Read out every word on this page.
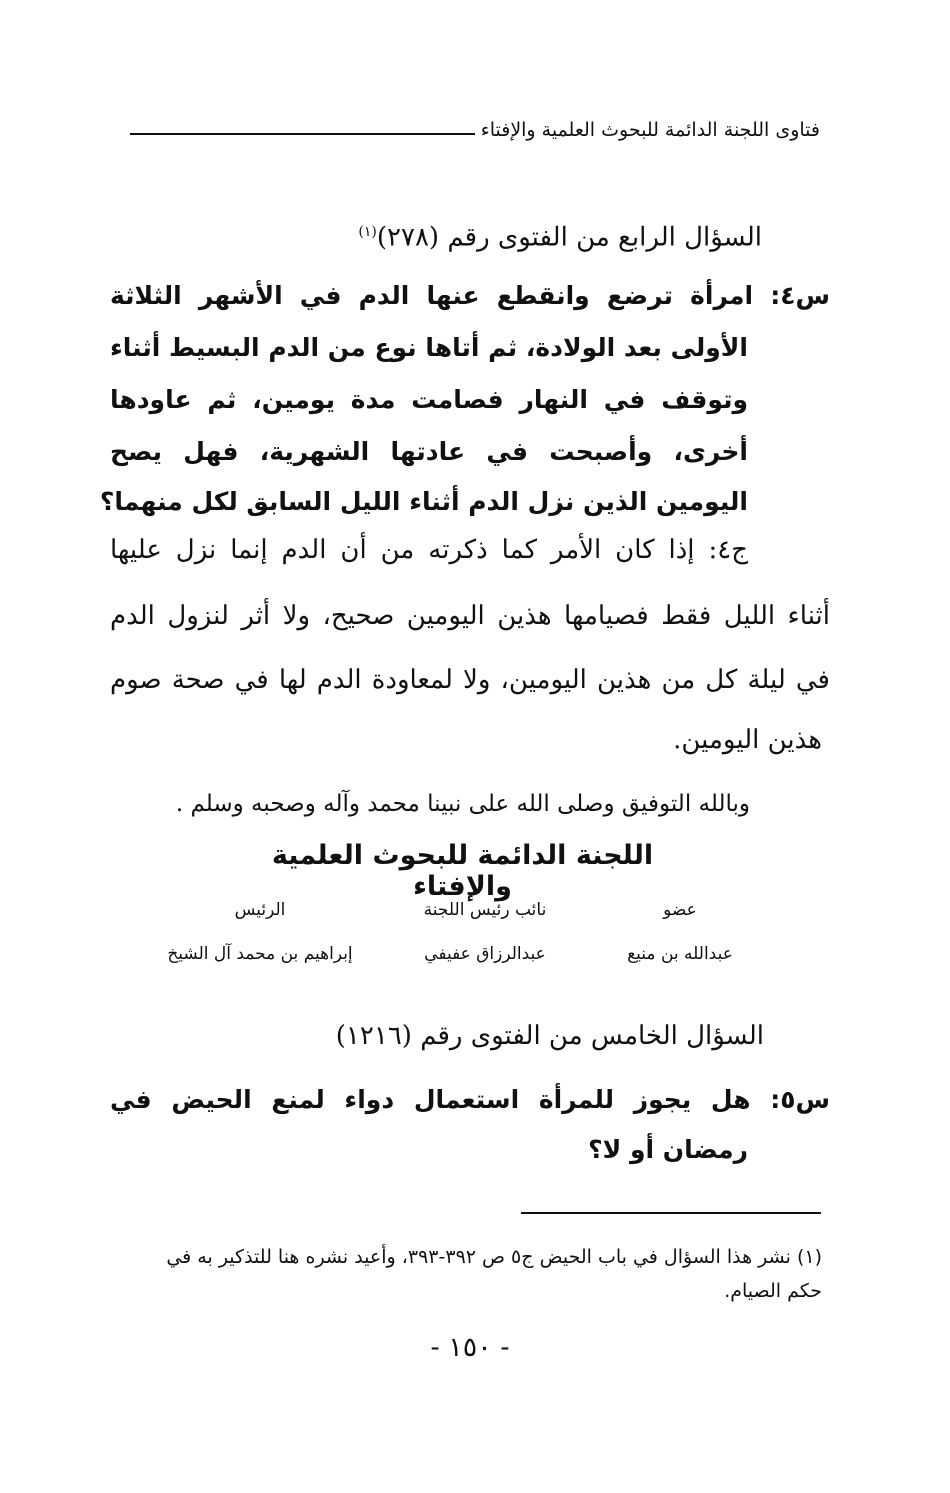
فتاوى اللجنة الدائمة للبحوث العلمية والإفتاء
السؤال الرابع من الفتوى رقم (٢٧٨)$^{(١)}$
س٤: امرأة ترضع وانقطع عنها الدم في الأشهر الثلاثة
الأولى بعد الولادة، ثم أتاها نوع من الدم البسيط أثناء
وتوقف في النهار فصامت مدة يومين، ثم عاودها
أخرى، وأصبحت في عادتها الشهرية، فهل يصح
اليومين الذين نزل الدم أثناء الليل السابق لكل منهما؟
ج٤: إذا كان الأمر كما ذكرته من أن الدم إنما نزل عليها
أثناء الليل فقط فصيامها هذين اليومين صحيح، ولا أثر لنزول الدم
في ليلة كل من هذين اليومين، ولا لمعاودة الدم لها في صحة صوم
هذين اليومين.
وبالله التوفيق وصلى الله على نبينا محمد وآله وصحبه وسلم .
اللجنة الدائمة للبحوث العلمية والإفتاء
عضو
نائب رئيس اللجنة
الرئيس
عبدالله بن منيع
عبدالرزاق عفيفي
إبراهيم بن محمد آل الشيخ
السؤال الخامس من الفتوى رقم (١٢١٦)
س٥: هل يجوز للمرأة استعمال دواء لمنع الحيض في
رمضان أو لا؟
(١) نشر هذا السؤال في باب الحيض ج٥ ص ٣٩٢-٣٩٣، وأعيد نشره هنا للتذكير به في
حكم الصيام.
- ١٥٠ -
